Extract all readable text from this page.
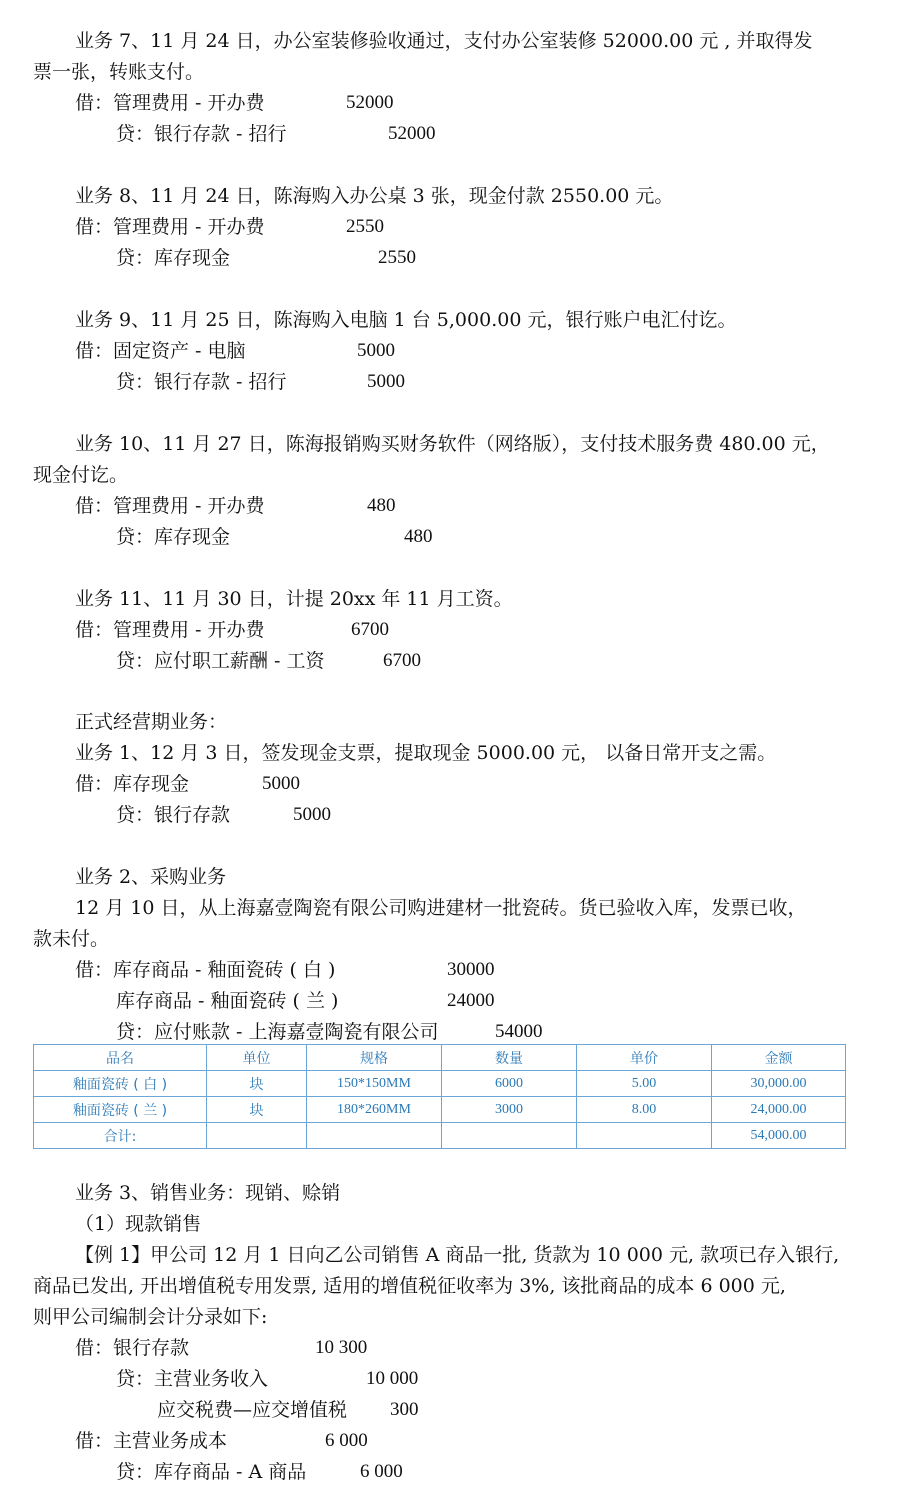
业务 7、11 月 24 日，办公室装修验收通过，支付办公室装修 52000.00 元 , 并取得发
票一张，转账支付。
借：管理费用 - 开办费	52000
贷：银行存款 - 招行	52000
业务 8、11 月 24 日，陈海购入办公桌 3 张，现金付款 2550.00 元。
借：管理费用 - 开办费	2550
贷：库存现金	2550
业务 9、11 月 25 日，陈海购入电脑 1 台 5,000.00 元，银行账户电汇付讫。
借：固定资产 - 电脑	5000
贷：银行存款 - 招行	5000
业务 10、11 月 27 日，陈海报销购买财务软件（网络版），支付技术服务费 480.00 元，
现金付讫。
借：管理费用 - 开办费	480
贷：库存现金	480
业务 11、11 月 30 日，计提 20xx 年 11 月工资。
借：管理费用 - 开办费	6700
贷：应付职工薪酬 - 工资	6700
正式经营期业务：
业务 1、12 月 3 日，签发现金支票，提取现金 5000.00 元， 以备日常开支之需。
借：库存现金	5000
贷：银行存款	5000
业务 2、采购业务
12 月 10 日，从上海嘉壹陶瓷有限公司购进建材一批瓷砖。货已验收入库，发票已收，
款未付。
借：库存商品 - 釉面瓷砖 ( 白 )	30000
库存商品 - 釉面瓷砖 ( 兰 )	24000
贷：应付账款 - 上海嘉壹陶瓷有限公司	54000
品名	单位	规格	数量	单价	金额
釉面瓷砖 ( 白 )	块	150*150MM	6000	5.00	30,000.00
釉面瓷砖 ( 兰 )	块	180*260MM	3000	8.00	24,000.00
合计:					54,000.00
业务 3、销售业务：现销、赊销
（1）现款销售
【例 1】甲公司 12 月 1 日向乙公司销售 A 商品一批, 货款为 10 000 元, 款项已存入银行,
商品已发出, 开出增值税专用发票, 适用的增值税征收率为 3%, 该批商品的成本 6 000 元,
则甲公司编制会计分录如下:
借：银行存款	10 300
贷：主营业务收入	10 000
应交税费—应交增值税 300
借：主营业务成本	6 000
贷：库存商品 - A 商品	6 000
